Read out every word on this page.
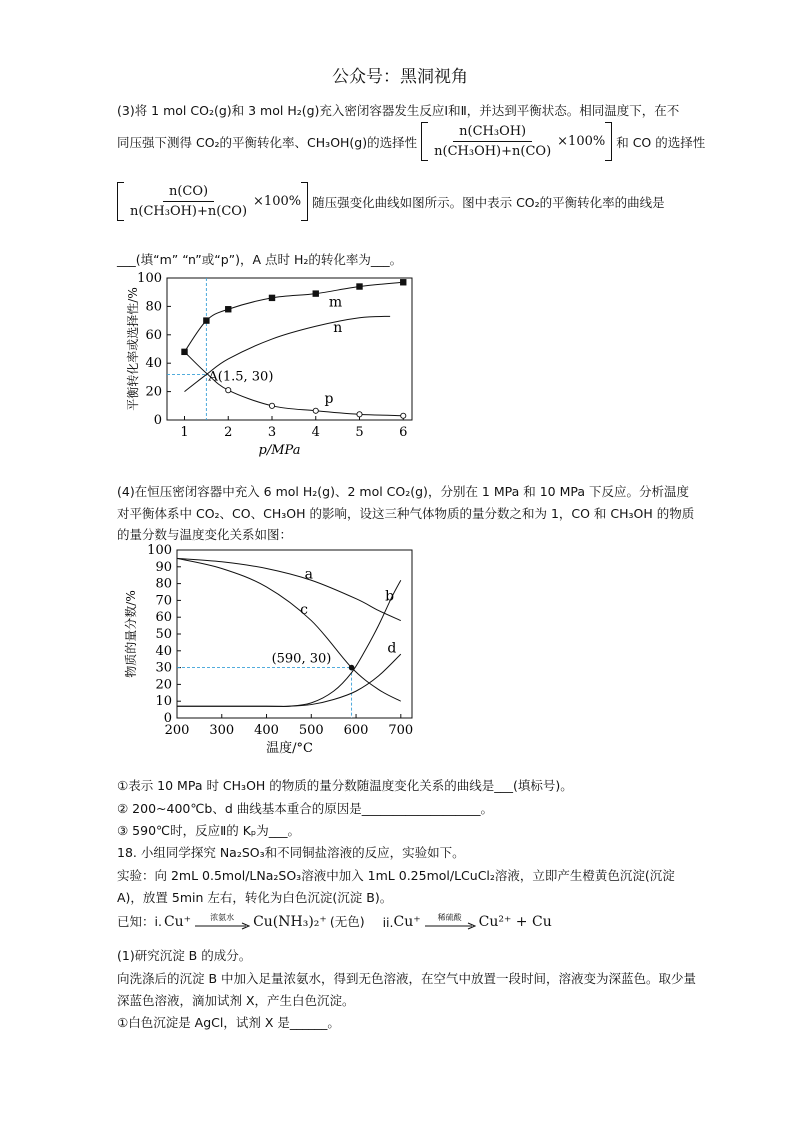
公众号：黑洞视角
(3)将 1 mol CO₂(g)和 3 mol H₂(g)充入密闭容器发生反应Ⅰ和Ⅱ，并达到平衡状态。相同温度下，在不
同压强下测得 CO₂的平衡转化率、CH₃OH(g)的选择性 $\frac{\text{n(CH₃OH)}}{\text{n(CH₃OH)+n(CO)}} \times 100\%$ 和 CO 的选择性
$\frac{n(CO)}{\text{n(CH₃OH)+n(CO)}} \times 100\%$ 随压强变化曲线如图所示。图中表示 CO₂的平衡转化率的曲线是
___(填“m” “n”或“p”)，A 点时 H₂的转化率为___。
0
20
40
60
80
100
1	2	3	4	5	6
p/MPa
平衡转化率或选择性/%	A(1.5, 30)
m
n
p
(4)在恒压密闭容器中充入 6 mol H₂(g)、2 mol CO₂(g)，分别在 1 MPa 和 10 MPa 下反应。分析温度
对平衡体系中 CO₂、CO、CH₃OH 的影响，设这三种气体物质的量分数之和为 1，CO 和 CH₃OH 的物质
的量分数与温度变化关系如图：
0
10
20
30
40
50
60
70
80
90
100
200 300 400 500 600 700
温度/°C
物质的量分数/%
a
b
c
d
(590, 30)
①表示 10 MPa 时 CH₃OH 的物质的量分数随温度变化关系的曲线是___(填标号)。
② 200~400℃b、d 曲线基本重合的原因是___________________。
③ 590℃时，反应Ⅱ的 Kₚ为___。
18. 小组同学探究 Na₂SO₃和不同铜盐溶液的反应，实验如下。
实验：向 2mL 0.5mol/LNa₂SO₃溶液中加入 1mL 0.25mol/LCuCl₂溶液，立即产生橙黄色沉淀(沉淀
A)，放置 5min 左右，转化为白色沉淀(沉淀 B)。
已知：i. Cu⁺ 浓氨水 Cu(NH₃)₂⁺ (无色) ii. Cu⁺ 稀硫酸 Cu²⁺ + Cu
(1)研究沉淀 B 的成分。
向洗涤后的沉淀 B 中加入足量浓氨水，得到无色溶液，在空气中放置一段时间，溶液变为深蓝色。取少量
深蓝色溶液，滴加试剂 X，产生白色沉淀。
①白色沉淀是 AgCl，试剂 X 是______。
